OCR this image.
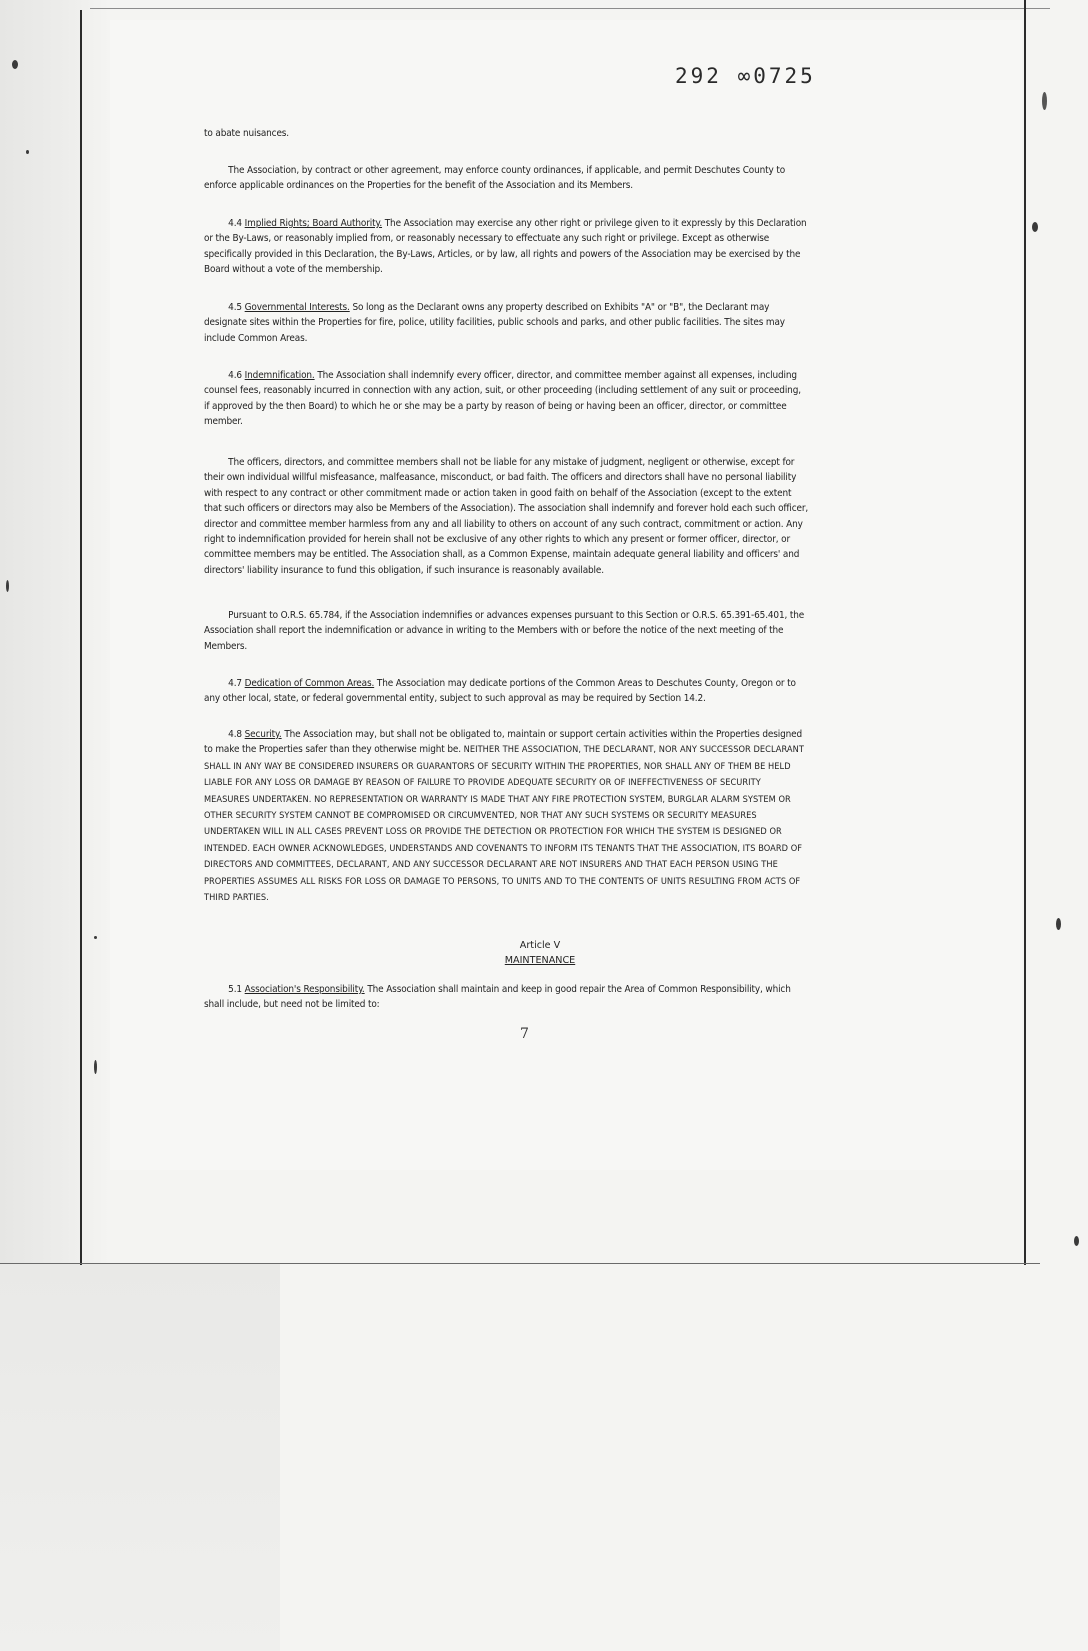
292 ∞0725

to abate nuisances.

The Association, by contract or other agreement, may enforce county ordinances, if applicable, and permit Deschutes County to enforce applicable ordinances on the Properties for the benefit of the Association and its Members.

4.4 Implied Rights; Board Authority. The Association may exercise any other right or privilege given to it expressly by this Declaration or the By-Laws, or reasonably implied from, or reasonably necessary to effectuate any such right or privilege. Except as otherwise specifically provided in this Declaration, the By-Laws, Articles, or by law, all rights and powers of the Association may be exercised by the Board without a vote of the membership.

4.5 Governmental Interests. So long as the Declarant owns any property described on Exhibits "A" or "B", the Declarant may designate sites within the Properties for fire, police, utility facilities, public schools and parks, and other public facilities. The sites may include Common Areas.

4.6 Indemnification. The Association shall indemnify every officer, director, and committee member against all expenses, including counsel fees, reasonably incurred in connection with any action, suit, or other proceeding (including settlement of any suit or proceeding, if approved by the then Board) to which he or she may be a party by reason of being or having been an officer, director, or committee member.

The officers, directors, and committee members shall not be liable for any mistake of judgment, negligent or otherwise, except for their own individual willful misfeasance, malfeasance, misconduct, or bad faith. The officers and directors shall have no personal liability with respect to any contract or other commitment made or action taken in good faith on behalf of the Association (except to the extent that such officers or directors may also be Members of the Association). The association shall indemnify and forever hold each such officer, director and committee member harmless from any and all liability to others on account of any such contract, commitment or action. Any right to indemnification provided for herein shall not be exclusive of any other rights to which any present or former officer, director, or committee members may be entitled. The Association shall, as a Common Expense, maintain adequate general liability and officers' and directors' liability insurance to fund this obligation, if such insurance is reasonably available.

Pursuant to O.R.S. 65.784, if the Association indemnifies or advances expenses pursuant to this Section or O.R.S. 65.391-65.401, the Association shall report the indemnification or advance in writing to the Members with or before the notice of the next meeting of the Members.

4.7 Dedication of Common Areas. The Association may dedicate portions of the Common Areas to Deschutes County, Oregon or to any other local, state, or federal governmental entity, subject to such approval as may be required by Section 14.2.

4.8 Security. The Association may, but shall not be obligated to, maintain or support certain activities within the Properties designed to make the Properties safer than they otherwise might be. NEITHER THE ASSOCIATION, THE DECLARANT, NOR ANY SUCCESSOR DECLARANT SHALL IN ANY WAY BE CONSIDERED INSURERS OR GUARANTORS OF SECURITY WITHIN THE PROPERTIES, NOR SHALL ANY OF THEM BE HELD LIABLE FOR ANY LOSS OR DAMAGE BY REASON OF FAILURE TO PROVIDE ADEQUATE SECURITY OR OF INEFFECTIVENESS OF SECURITY MEASURES UNDERTAKEN. NO REPRESENTATION OR WARRANTY IS MADE THAT ANY FIRE PROTECTION SYSTEM, BURGLAR ALARM SYSTEM OR OTHER SECURITY SYSTEM CANNOT BE COMPROMISED OR CIRCUMVENTED, NOR THAT ANY SUCH SYSTEMS OR SECURITY MEASURES UNDERTAKEN WILL IN ALL CASES PREVENT LOSS OR PROVIDE THE DETECTION OR PROTECTION FOR WHICH THE SYSTEM IS DESIGNED OR INTENDED. EACH OWNER ACKNOWLEDGES, UNDERSTANDS AND COVENANTS TO INFORM ITS TENANTS THAT THE ASSOCIATION, ITS BOARD OF DIRECTORS AND COMMITTEES, DECLARANT, AND ANY SUCCESSOR DECLARANT ARE NOT INSURERS AND THAT EACH PERSON USING THE PROPERTIES ASSUMES ALL RISKS FOR LOSS OR DAMAGE TO PERSONS, TO UNITS AND TO THE CONTENTS OF UNITS RESULTING FROM ACTS OF THIRD PARTIES.

Article V
MAINTENANCE

5.1 Association's Responsibility. The Association shall maintain and keep in good repair the Area of Common Responsibility, which shall include, but need not be limited to:

7
